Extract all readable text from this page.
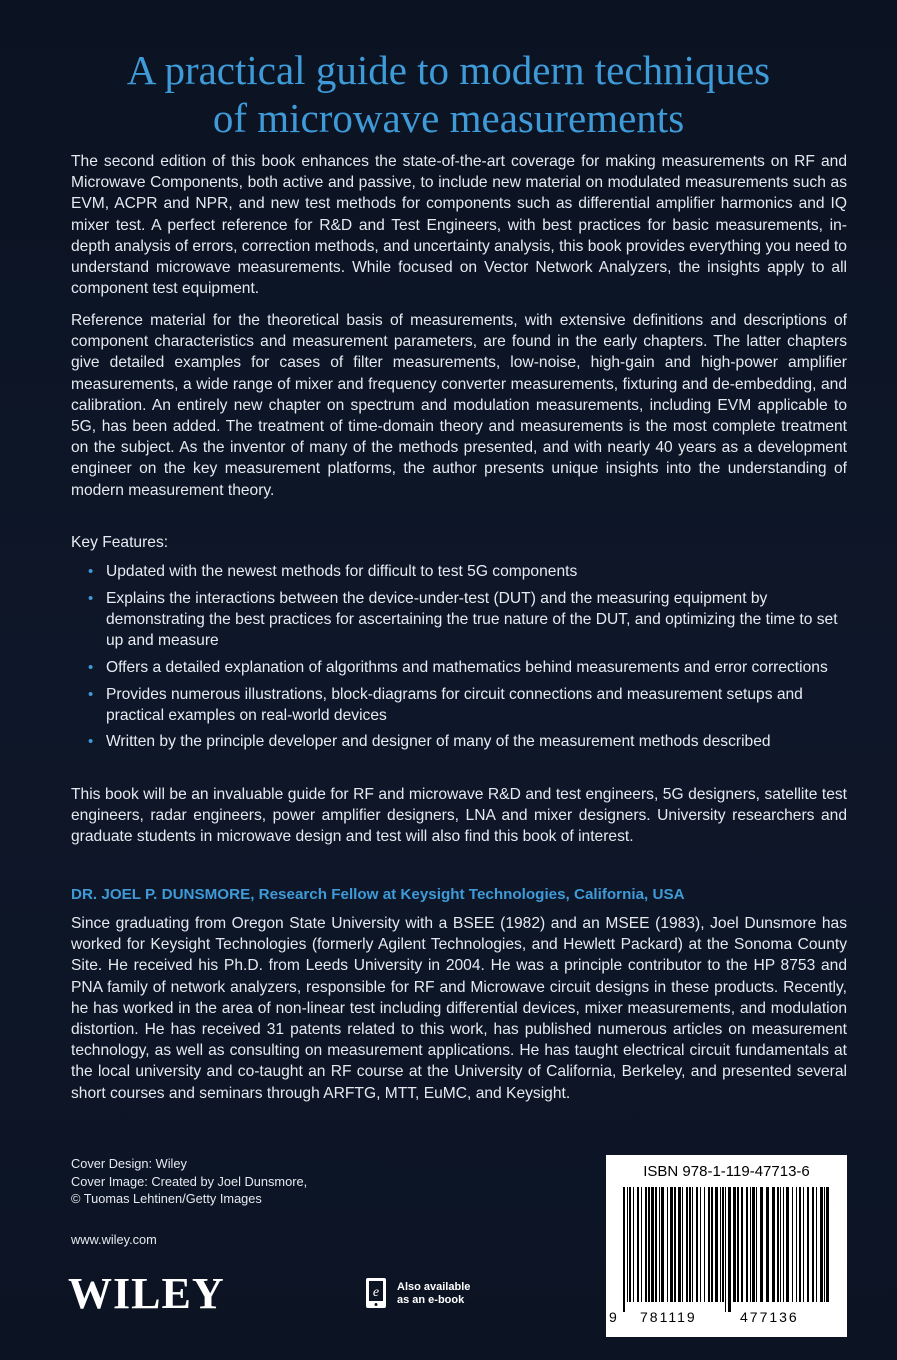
A practical guide to modern techniques
of microwave measurements

The second edition of this book enhances the state-of-the-art coverage for making measurements on RF and Microwave Components, both active and passive, to include new material on modulated measurements such as EVM, ACPR and NPR, and new test methods for components such as differential amplifier harmonics and IQ mixer test. A perfect reference for R&D and Test Engineers, with best practices for basic measurements, in-depth analysis of errors, correction methods, and uncertainty analysis, this book provides everything you need to understand microwave measurements. While focused on Vector Network Analyzers, the insights apply to all component test equipment.

Reference material for the theoretical basis of measurements, with extensive definitions and descriptions of component characteristics and measurement parameters, are found in the early chapters. The latter chapters give detailed examples for cases of filter measurements, low-noise, high-gain and high-power amplifier measurements, a wide range of mixer and frequency converter measurements, fixturing and de-embedding, and calibration. An entirely new chapter on spectrum and modulation measurements, including EVM applicable to 5G, has been added. The treatment of time-domain theory and measurements is the most complete treatment on the subject. As the inventor of many of the methods presented, and with nearly 40 years as a development engineer on the key measurement platforms, the author presents unique insights into the understanding of modern measurement theory.

Key Features:

• Updated with the newest methods for difficult to test 5G components
• Explains the interactions between the device-under-test (DUT) and the measuring equipment by demonstrating the best practices for ascertaining the true nature of the DUT, and optimizing the time to set up and measure
• Offers a detailed explanation of algorithms and mathematics behind measurements and error corrections
• Provides numerous illustrations, block-diagrams for circuit connections and measurement setups and practical examples on real-world devices
• Written by the principle developer and designer of many of the measurement methods described

This book will be an invaluable guide for RF and microwave R&D and test engineers, 5G designers, satellite test engineers, radar engineers, power amplifier designers, LNA and mixer designers. University researchers and graduate students in microwave design and test will also find this book of interest.

DR. JOEL P. DUNSMORE, Research Fellow at Keysight Technologies, California, USA

Since graduating from Oregon State University with a BSEE (1982) and an MSEE (1983), Joel Dunsmore has worked for Keysight Technologies (formerly Agilent Technologies, and Hewlett Packard) at the Sonoma County Site. He received his Ph.D. from Leeds University in 2004. He was a principle contributor to the HP 8753 and PNA family of network analyzers, responsible for RF and Microwave circuit designs in these products. Recently, he has worked in the area of non-linear test including differential devices, mixer measurements, and modulation distortion. He has received 31 patents related to this work, has published numerous articles on measurement technology, as well as consulting on measurement applications. He has taught electrical circuit fundamentals at the local university and co-taught an RF course at the University of California, Berkeley, and presented several short courses and seminars through ARFTG, MTT, EuMC, and Keysight.

Cover Design: Wiley
Cover Image: Created by Joel Dunsmore,
© Tuomas Lehtinen/Getty Images
www.wiley.com
WILEY	e Also available
as an e-book
ISBN 978-1-119-47713-6
9 781119	477136
